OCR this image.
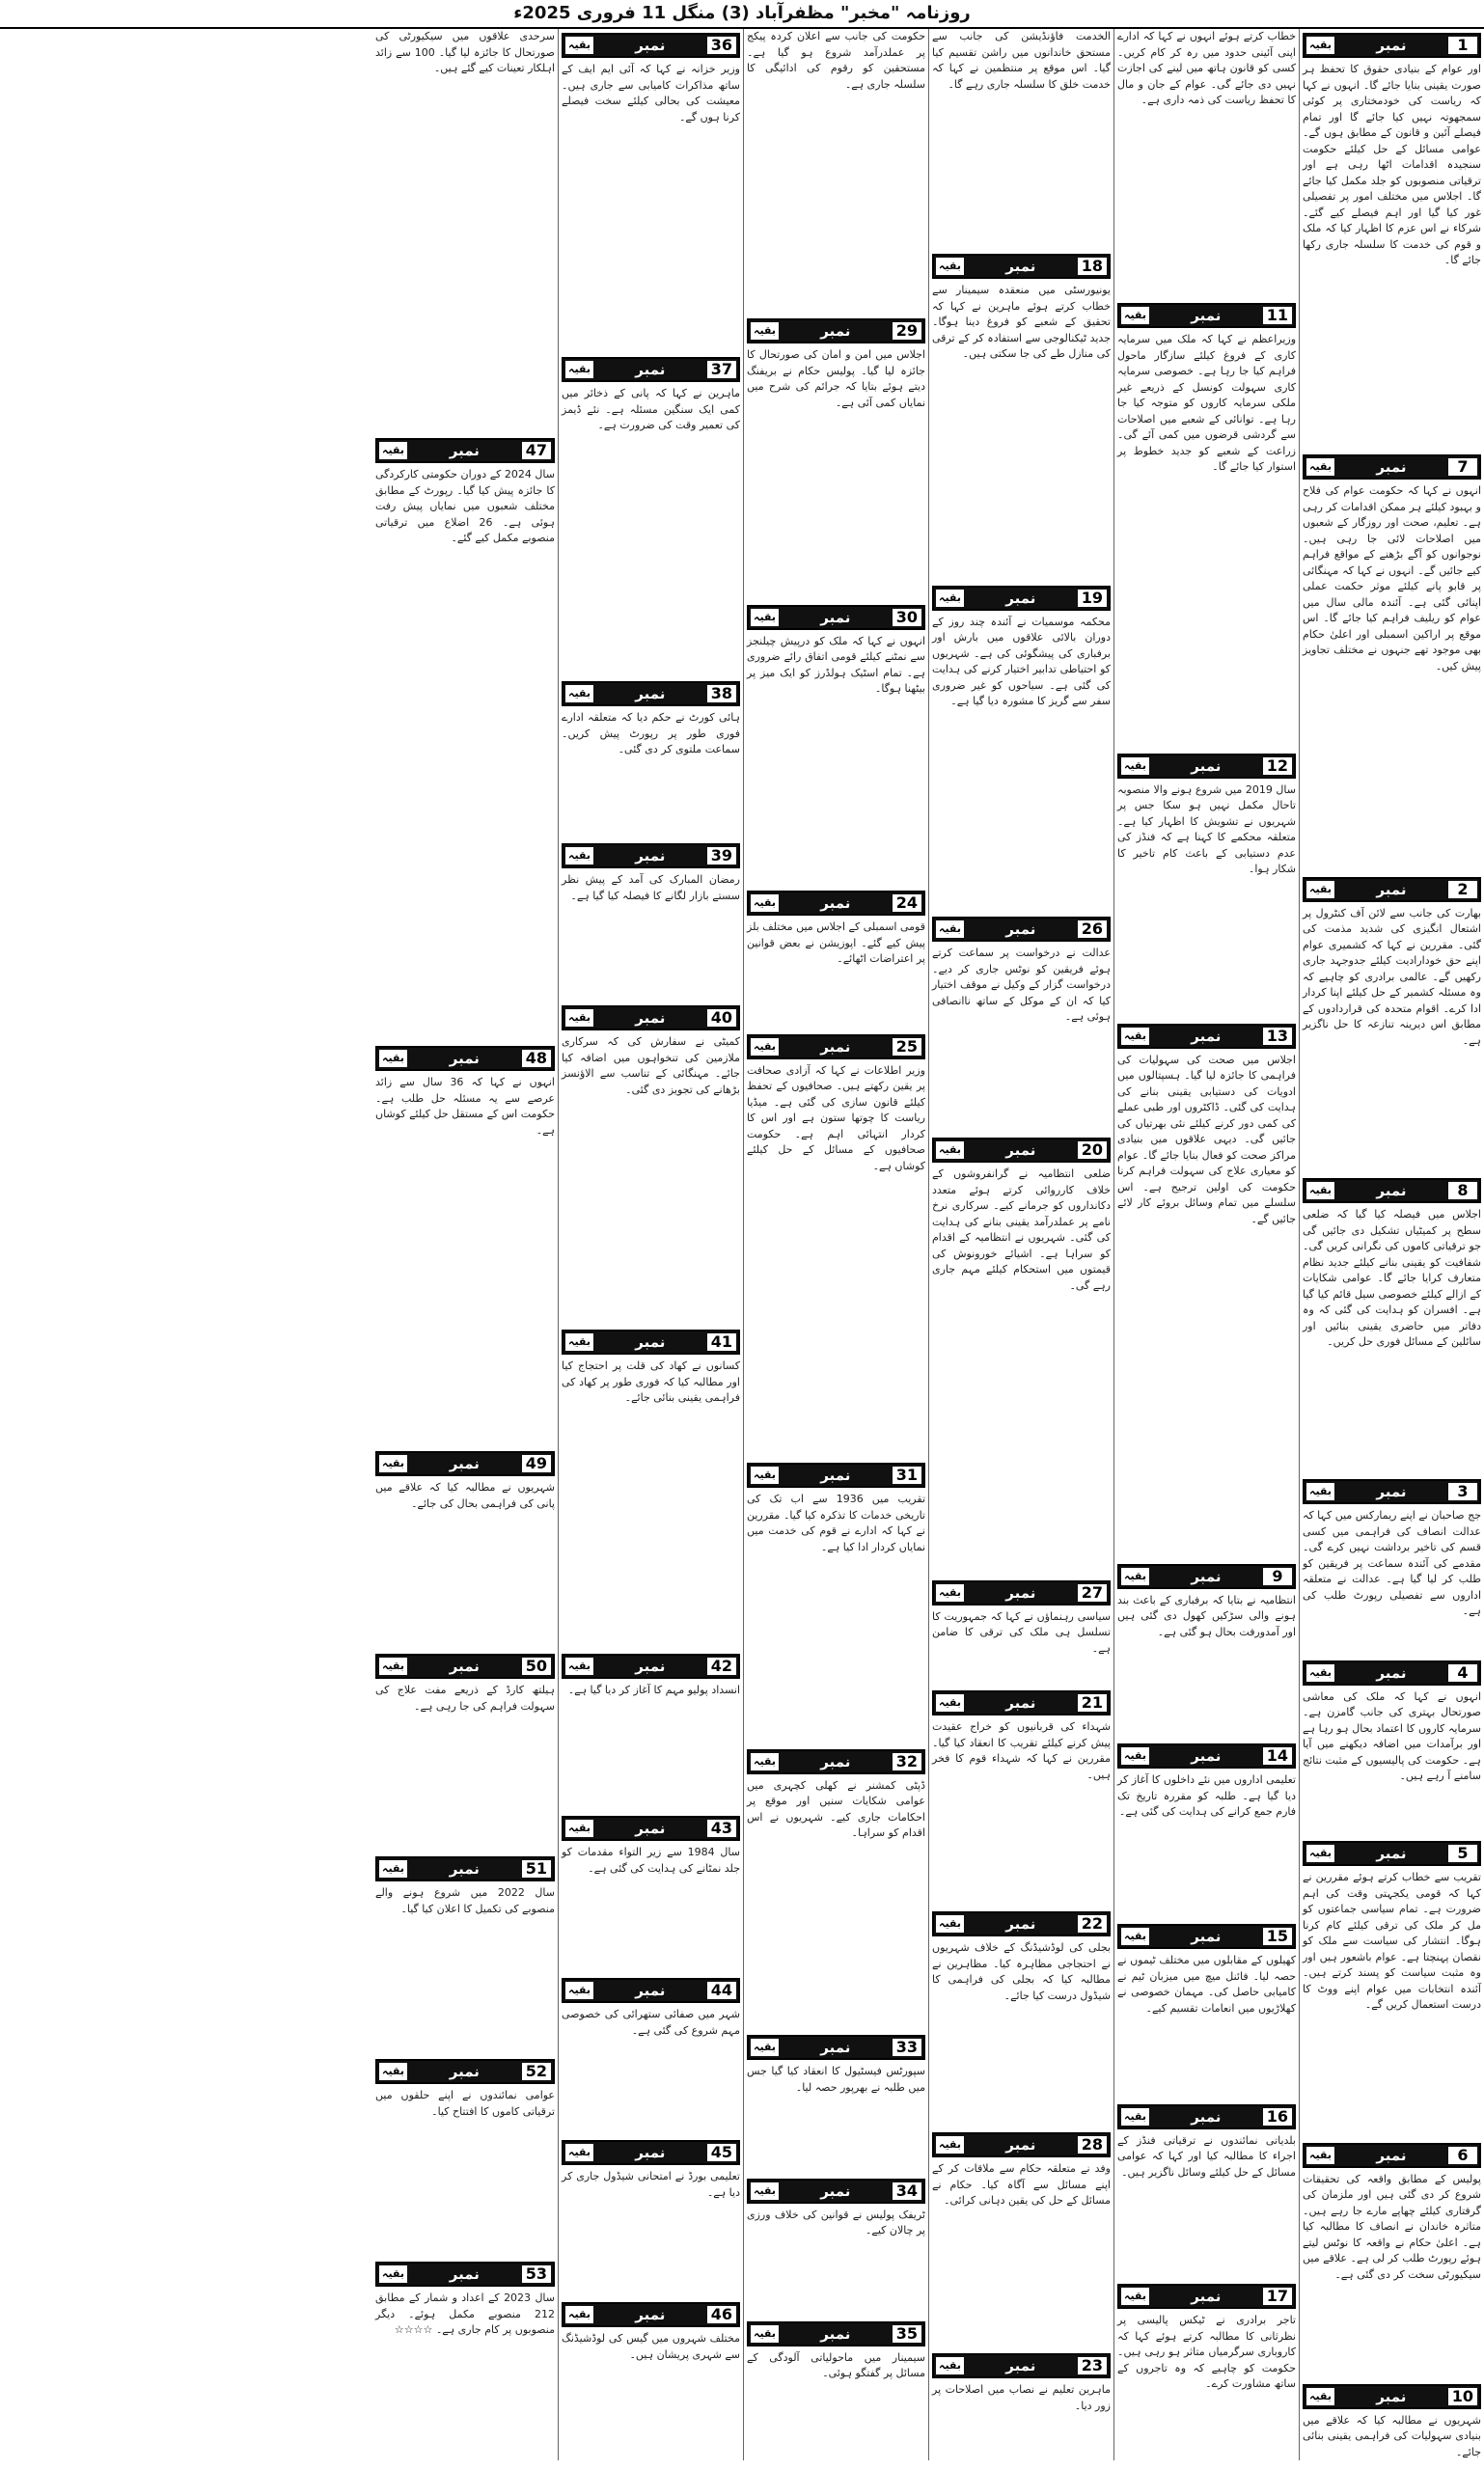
روزنامہ "مخبر" مظفرآباد (3) منگل 11 فروری 2025ء
1
نمبر
بقیہ
اور عوام کے بنیادی حقوق کا تحفظ ہر صورت یقینی بنایا جائے گا۔ انہوں نے کہا کہ ریاست کی خودمختاری پر کوئی سمجھوتہ نہیں کیا جائے گا اور تمام فیصلے آئین و قانون کے مطابق ہوں گے۔ عوامی مسائل کے حل کیلئے حکومت سنجیدہ اقدامات اٹھا رہی ہے اور ترقیاتی منصوبوں کو جلد مکمل کیا جائے گا۔ اجلاس میں مختلف امور پر تفصیلی غور کیا گیا اور اہم فیصلے کیے گئے۔ شرکاء نے اس عزم کا اظہار کیا کہ ملک و قوم کی خدمت کا سلسلہ جاری رکھا جائے گا۔
7
نمبر
بقیہ
انہوں نے کہا کہ حکومت عوام کی فلاح و بہبود کیلئے ہر ممکن اقدامات کر رہی ہے۔ تعلیم، صحت اور روزگار کے شعبوں میں اصلاحات لائی جا رہی ہیں۔ نوجوانوں کو آگے بڑھنے کے مواقع فراہم کیے جائیں گے۔ انہوں نے کہا کہ مہنگائی پر قابو پانے کیلئے موثر حکمت عملی اپنائی گئی ہے۔ آئندہ مالی سال میں عوام کو ریلیف فراہم کیا جائے گا۔ اس موقع پر اراکین اسمبلی اور اعلیٰ حکام بھی موجود تھے جنہوں نے مختلف تجاویز پیش کیں۔
2
نمبر
بقیہ
بھارت کی جانب سے لائن آف کنٹرول پر اشتعال انگیزی کی شدید مذمت کی گئی۔ مقررین نے کہا کہ کشمیری عوام اپنے حق خودارادیت کیلئے جدوجہد جاری رکھیں گے۔ عالمی برادری کو چاہیے کہ وہ مسئلہ کشمیر کے حل کیلئے اپنا کردار ادا کرے۔ اقوام متحدہ کی قراردادوں کے مطابق اس دیرینہ تنازعہ کا حل ناگزیر ہے۔
8
نمبر
بقیہ
اجلاس میں فیصلہ کیا گیا کہ ضلعی سطح پر کمیٹیاں تشکیل دی جائیں گی جو ترقیاتی کاموں کی نگرانی کریں گی۔ شفافیت کو یقینی بنانے کیلئے جدید نظام متعارف کرایا جائے گا۔ عوامی شکایات کے ازالے کیلئے خصوصی سیل قائم کیا گیا ہے۔ افسران کو ہدایت کی گئی کہ وہ دفاتر میں حاضری یقینی بنائیں اور سائلین کے مسائل فوری حل کریں۔
3
نمبر
بقیہ
جج صاحبان نے اپنے ریمارکس میں کہا کہ عدالت انصاف کی فراہمی میں کسی قسم کی تاخیر برداشت نہیں کرے گی۔ مقدمے کی آئندہ سماعت پر فریقین کو طلب کر لیا گیا ہے۔ عدالت نے متعلقہ اداروں سے تفصیلی رپورٹ طلب کی ہے۔
4
نمبر
بقیہ
انہوں نے کہا کہ ملک کی معاشی صورتحال بہتری کی جانب گامزن ہے۔ سرمایہ کاروں کا اعتماد بحال ہو رہا ہے اور برآمدات میں اضافہ دیکھنے میں آیا ہے۔ حکومت کی پالیسیوں کے مثبت نتائج سامنے آ رہے ہیں۔
5
نمبر
بقیہ
تقریب سے خطاب کرتے ہوئے مقررین نے کہا کہ قومی یکجہتی وقت کی اہم ضرورت ہے۔ تمام سیاسی جماعتوں کو مل کر ملک کی ترقی کیلئے کام کرنا ہوگا۔ انتشار کی سیاست سے ملک کو نقصان پہنچتا ہے۔ عوام باشعور ہیں اور وہ مثبت سیاست کو پسند کرتے ہیں۔ آئندہ انتخابات میں عوام اپنے ووٹ کا درست استعمال کریں گے۔
6
نمبر
بقیہ
پولیس کے مطابق واقعہ کی تحقیقات شروع کر دی گئی ہیں اور ملزمان کی گرفتاری کیلئے چھاپے مارے جا رہے ہیں۔ متاثرہ خاندان نے انصاف کا مطالبہ کیا ہے۔ اعلیٰ حکام نے واقعہ کا نوٹس لیتے ہوئے رپورٹ طلب کر لی ہے۔ علاقے میں سیکیورٹی سخت کر دی گئی ہے۔
10
نمبر
بقیہ
شہریوں نے مطالبہ کیا کہ علاقے میں بنیادی سہولیات کی فراہمی یقینی بنائی جائے۔
خطاب کرتے ہوئے انہوں نے کہا کہ ادارے اپنی آئینی حدود میں رہ کر کام کریں۔ کسی کو قانون ہاتھ میں لینے کی اجازت نہیں دی جائے گی۔ عوام کے جان و مال کا تحفظ ریاست کی ذمہ داری ہے۔
11
نمبر
بقیہ
وزیراعظم نے کہا کہ ملک میں سرمایہ کاری کے فروغ کیلئے سازگار ماحول فراہم کیا جا رہا ہے۔ خصوصی سرمایہ کاری سہولت کونسل کے ذریعے غیر ملکی سرمایہ کاروں کو متوجہ کیا جا رہا ہے۔ توانائی کے شعبے میں اصلاحات سے گردشی قرضوں میں کمی آئے گی۔ زراعت کے شعبے کو جدید خطوط پر استوار کیا جائے گا۔
12
نمبر
بقیہ
سال 2019 میں شروع ہونے والا منصوبہ تاحال مکمل نہیں ہو سکا جس پر شہریوں نے تشویش کا اظہار کیا ہے۔ متعلقہ محکمے کا کہنا ہے کہ فنڈز کی عدم دستیابی کے باعث کام تاخیر کا شکار ہوا۔
13
نمبر
بقیہ
اجلاس میں صحت کی سہولیات کی فراہمی کا جائزہ لیا گیا۔ ہسپتالوں میں ادویات کی دستیابی یقینی بنانے کی ہدایت کی گئی۔ ڈاکٹروں اور طبی عملے کی کمی دور کرنے کیلئے نئی بھرتیاں کی جائیں گی۔ دیہی علاقوں میں بنیادی مراکز صحت کو فعال بنایا جائے گا۔ عوام کو معیاری علاج کی سہولت فراہم کرنا حکومت کی اولین ترجیح ہے۔ اس سلسلے میں تمام وسائل بروئے کار لائے جائیں گے۔
9
نمبر
بقیہ
انتظامیہ نے بتایا کہ برفباری کے باعث بند ہونے والی سڑکیں کھول دی گئی ہیں اور آمدورفت بحال ہو گئی ہے۔
14
نمبر
بقیہ
تعلیمی اداروں میں نئے داخلوں کا آغاز کر دیا گیا ہے۔ طلبہ کو مقررہ تاریخ تک فارم جمع کرانے کی ہدایت کی گئی ہے۔
15
نمبر
بقیہ
کھیلوں کے مقابلوں میں مختلف ٹیموں نے حصہ لیا۔ فائنل میچ میں میزبان ٹیم نے کامیابی حاصل کی۔ مہمان خصوصی نے کھلاڑیوں میں انعامات تقسیم کیے۔
16
نمبر
بقیہ
بلدیاتی نمائندوں نے ترقیاتی فنڈز کے اجراء کا مطالبہ کیا اور کہا کہ عوامی مسائل کے حل کیلئے وسائل ناگزیر ہیں۔
17
نمبر
بقیہ
تاجر برادری نے ٹیکس پالیسی پر نظرثانی کا مطالبہ کرتے ہوئے کہا کہ کاروباری سرگرمیاں متاثر ہو رہی ہیں۔ حکومت کو چاہیے کہ وہ تاجروں کے ساتھ مشاورت کرے۔
الخدمت فاؤنڈیشن کی جانب سے مستحق خاندانوں میں راشن تقسیم کیا گیا۔ اس موقع پر منتظمین نے کہا کہ خدمت خلق کا سلسلہ جاری رہے گا۔
18
نمبر
بقیہ
یونیورسٹی میں منعقدہ سیمینار سے خطاب کرتے ہوئے ماہرین نے کہا کہ تحقیق کے شعبے کو فروغ دینا ہوگا۔ جدید ٹیکنالوجی سے استفادہ کر کے ترقی کی منازل طے کی جا سکتی ہیں۔
19
نمبر
بقیہ
محکمہ موسمیات نے آئندہ چند روز کے دوران بالائی علاقوں میں بارش اور برفباری کی پیشگوئی کی ہے۔ شہریوں کو احتیاطی تدابیر اختیار کرنے کی ہدایت کی گئی ہے۔ سیاحوں کو غیر ضروری سفر سے گریز کا مشورہ دیا گیا ہے۔
26
نمبر
بقیہ
عدالت نے درخواست پر سماعت کرتے ہوئے فریقین کو نوٹس جاری کر دیے۔ درخواست گزار کے وکیل نے موقف اختیار کیا کہ ان کے موکل کے ساتھ ناانصافی ہوئی ہے۔
20
نمبر
بقیہ
ضلعی انتظامیہ نے گرانفروشوں کے خلاف کارروائی کرتے ہوئے متعدد دکانداروں کو جرمانے کیے۔ سرکاری نرخ نامے پر عملدرآمد یقینی بنانے کی ہدایت کی گئی۔ شہریوں نے انتظامیہ کے اقدام کو سراہا ہے۔ اشیائے خورونوش کی قیمتوں میں استحکام کیلئے مہم جاری رہے گی۔
27
نمبر
بقیہ
سیاسی رہنماؤں نے کہا کہ جمہوریت کا تسلسل ہی ملک کی ترقی کا ضامن ہے۔
21
نمبر
بقیہ
شہداء کی قربانیوں کو خراج عقیدت پیش کرنے کیلئے تقریب کا انعقاد کیا گیا۔ مقررین نے کہا کہ شہداء قوم کا فخر ہیں۔
22
نمبر
بقیہ
بجلی کی لوڈشیڈنگ کے خلاف شہریوں نے احتجاجی مظاہرہ کیا۔ مظاہرین نے مطالبہ کیا کہ بجلی کی فراہمی کا شیڈول درست کیا جائے۔
28
نمبر
بقیہ
وفد نے متعلقہ حکام سے ملاقات کر کے اپنے مسائل سے آگاہ کیا۔ حکام نے مسائل کے حل کی یقین دہانی کرائی۔
23
نمبر
بقیہ
ماہرین تعلیم نے نصاب میں اصلاحات پر زور دیا۔
حکومت کی جانب سے اعلان کردہ پیکج پر عملدرآمد شروع ہو گیا ہے۔ مستحقین کو رقوم کی ادائیگی کا سلسلہ جاری ہے۔
29
نمبر
بقیہ
اجلاس میں امن و امان کی صورتحال کا جائزہ لیا گیا۔ پولیس حکام نے بریفنگ دیتے ہوئے بتایا کہ جرائم کی شرح میں نمایاں کمی آئی ہے۔
30
نمبر
بقیہ
انہوں نے کہا کہ ملک کو درپیش چیلنجز سے نمٹنے کیلئے قومی اتفاق رائے ضروری ہے۔ تمام اسٹیک ہولڈرز کو ایک میز پر بیٹھنا ہوگا۔
24
نمبر
بقیہ
قومی اسمبلی کے اجلاس میں مختلف بلز پیش کیے گئے۔ اپوزیشن نے بعض قوانین پر اعتراضات اٹھائے۔
25
نمبر
بقیہ
وزیر اطلاعات نے کہا کہ آزادی صحافت پر یقین رکھتے ہیں۔ صحافیوں کے تحفظ کیلئے قانون سازی کی گئی ہے۔ میڈیا ریاست کا چوتھا ستون ہے اور اس کا کردار انتہائی اہم ہے۔ حکومت صحافیوں کے مسائل کے حل کیلئے کوشاں ہے۔
31
نمبر
بقیہ
تقریب میں 1936 سے اب تک کی تاریخی خدمات کا تذکرہ کیا گیا۔ مقررین نے کہا کہ ادارے نے قوم کی خدمت میں نمایاں کردار ادا کیا ہے۔
32
نمبر
بقیہ
ڈپٹی کمشنر نے کھلی کچہری میں عوامی شکایات سنیں اور موقع پر احکامات جاری کیے۔ شہریوں نے اس اقدام کو سراہا۔
33
نمبر
بقیہ
سپورٹس فیسٹیول کا انعقاد کیا گیا جس میں طلبہ نے بھرپور حصہ لیا۔
34
نمبر
بقیہ
ٹریفک پولیس نے قوانین کی خلاف ورزی پر چالان کیے۔
35
نمبر
بقیہ
سیمینار میں ماحولیاتی آلودگی کے مسائل پر گفتگو ہوئی۔
36
نمبر
بقیہ
وزیر خزانہ نے کہا کہ آئی ایم ایف کے ساتھ مذاکرات کامیابی سے جاری ہیں۔ معیشت کی بحالی کیلئے سخت فیصلے کرنا ہوں گے۔
37
نمبر
بقیہ
ماہرین نے کہا کہ پانی کے ذخائر میں کمی ایک سنگین مسئلہ ہے۔ نئے ڈیمز کی تعمیر وقت کی ضرورت ہے۔
38
نمبر
بقیہ
ہائی کورٹ نے حکم دیا کہ متعلقہ ادارے فوری طور پر رپورٹ پیش کریں۔ سماعت ملتوی کر دی گئی۔
39
نمبر
بقیہ
رمضان المبارک کی آمد کے پیش نظر سستے بازار لگانے کا فیصلہ کیا گیا ہے۔
40
نمبر
بقیہ
کمیٹی نے سفارش کی کہ سرکاری ملازمین کی تنخواہوں میں اضافہ کیا جائے۔ مہنگائی کے تناسب سے الاؤنسز بڑھانے کی تجویز دی گئی۔
41
نمبر
بقیہ
کسانوں نے کھاد کی قلت پر احتجاج کیا اور مطالبہ کیا کہ فوری طور پر کھاد کی فراہمی یقینی بنائی جائے۔
42
نمبر
بقیہ
انسداد پولیو مہم کا آغاز کر دیا گیا ہے۔
43
نمبر
بقیہ
سال 1984 سے زیر التواء مقدمات کو جلد نمٹانے کی ہدایت کی گئی ہے۔
44
نمبر
بقیہ
شہر میں صفائی ستھرائی کی خصوصی مہم شروع کی گئی ہے۔
45
نمبر
بقیہ
تعلیمی بورڈ نے امتحانی شیڈول جاری کر دیا ہے۔
46
نمبر
بقیہ
مختلف شہروں میں گیس کی لوڈشیڈنگ سے شہری پریشان ہیں۔
سرحدی علاقوں میں سیکیورٹی کی صورتحال کا جائزہ لیا گیا۔ 100 سے زائد اہلکار تعینات کیے گئے ہیں۔
47
نمبر
بقیہ
سال 2024 کے دوران حکومتی کارکردگی کا جائزہ پیش کیا گیا۔ رپورٹ کے مطابق مختلف شعبوں میں نمایاں پیش رفت ہوئی ہے۔ 26 اضلاع میں ترقیاتی منصوبے مکمل کیے گئے۔
48
نمبر
بقیہ
انہوں نے کہا کہ 36 سال سے زائد عرصے سے یہ مسئلہ حل طلب ہے۔ حکومت اس کے مستقل حل کیلئے کوشاں ہے۔
49
نمبر
بقیہ
شہریوں نے مطالبہ کیا کہ علاقے میں پانی کی فراہمی بحال کی جائے۔
50
نمبر
بقیہ
ہیلتھ کارڈ کے ذریعے مفت علاج کی سہولت فراہم کی جا رہی ہے۔
51
نمبر
بقیہ
سال 2022 میں شروع ہونے والے منصوبے کی تکمیل کا اعلان کیا گیا۔
52
نمبر
بقیہ
عوامی نمائندوں نے اپنے حلقوں میں ترقیاتی کاموں کا افتتاح کیا۔
53
نمبر
بقیہ
سال 2023 کے اعداد و شمار کے مطابق 212 منصوبے مکمل ہوئے۔ دیگر منصوبوں پر کام جاری ہے۔ ☆☆☆☆
